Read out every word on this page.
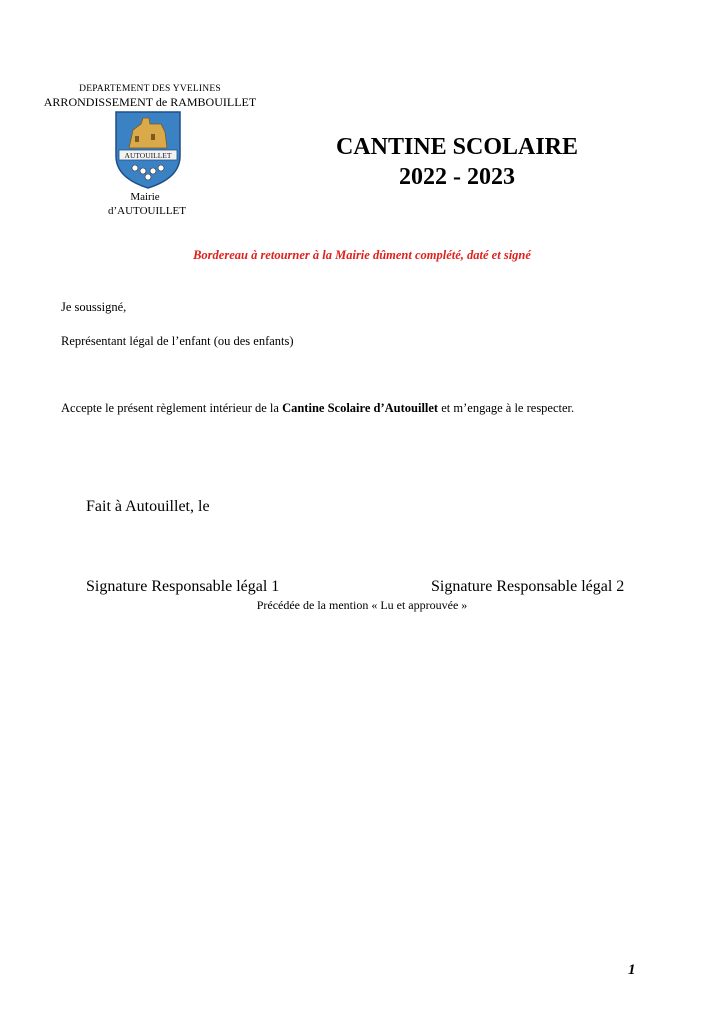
DEPARTEMENT DES YVELINES
ARRONDISSEMENT de RAMBOUILLET
AUTOUILLET
Mairie
d’AUTOUILLET
CANTINE SCOLAIRE
2022 - 2023
Bordereau à retourner à la Mairie dûment complété, daté et signé
Je soussigné,
Représentant légal de l’enfant (ou des enfants)
Accepte le présent règlement intérieur de la Cantine Scolaire d’Autouillet et m’engage à le respecter.
Fait à Autouillet, le
Signature Responsable légal 1	Signature Responsable légal 2
Précédée de la mention « Lu et approuvée »
1
